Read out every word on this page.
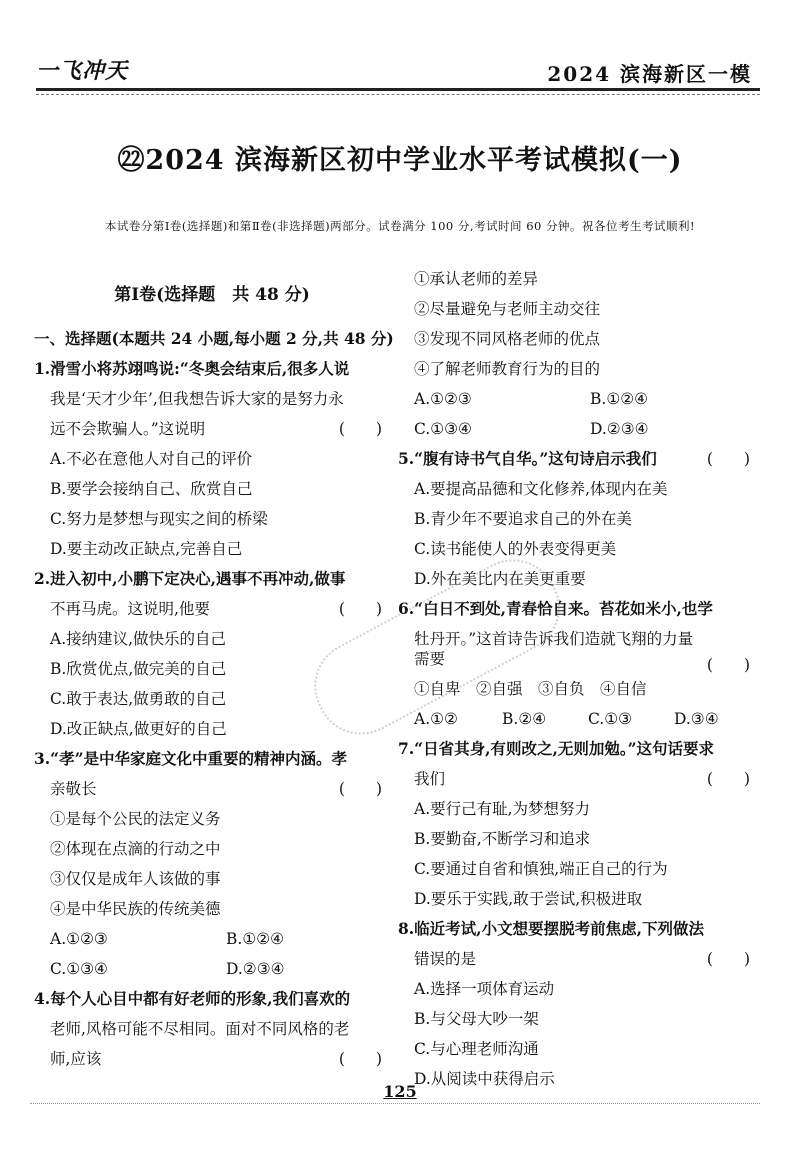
一飞冲天	2024 滨海新区一模
㉒2024 滨海新区初中学业水平考试模拟(一)
本试卷分第Ⅰ卷(选择题)和第Ⅱ卷(非选择题)两部分。试卷满分 100 分,考试时间 60 分钟。祝各位考生考试顺利!
第Ⅰ卷(选择题　共 48 分)
一、选择题(本题共 24 小题,每小题 2 分,共 48 分)
1.滑雪小将苏翊鸣说:“冬奥会结束后,很多人说
我是‘天才少年’,但我想告诉大家的是努力永
远不会欺骗人。”这说明	(　　)
A.不必在意他人对自己的评价
B.要学会接纳自己、欣赏自己
C.努力是梦想与现实之间的桥梁
D.要主动改正缺点,完善自己
2.进入初中,小鹏下定决心,遇事不再冲动,做事
不再马虎。这说明,他要	(　　)
A.接纳建议,做快乐的自己
B.欣赏优点,做完美的自己
C.敢于表达,做勇敢的自己
D.改正缺点,做更好的自己
3.“孝”是中华家庭文化中重要的精神内涵。孝
亲敬长	(　　)
①是每个公民的法定义务
②体现在点滴的行动之中
③仅仅是成年人该做的事
④是中华民族的传统美德
A.①②③	B.①②④
C.①③④	D.②③④
4.每个人心目中都有好老师的形象,我们喜欢的
老师,风格可能不尽相同。面对不同风格的老
师,应该	(　　)
①承认老师的差异
②尽量避免与老师主动交往
③发现不同风格老师的优点
④了解老师教育行为的目的
A.①②③	B.①②④
C.①③④	D.②③④
5.“腹有诗书气自华。”这句诗启示我们	(　　)
A.要提高品德和文化修养,体现内在美
B.青少年不要追求自己的外在美
C.读书能使人的外表变得更美
D.外在美比内在美更重要
6.“白日不到处,青春恰自来。苔花如米小,也学
牡丹开。”这首诗告诉我们造就飞翔的力量
需要	(　　)
①自卑　②自强　③自负　④自信
A.①②	B.②④	C.①③	D.③④
7.“日省其身,有则改之,无则加勉。”这句话要求
我们	(　　)
A.要行己有耻,为梦想努力
B.要勤奋,不断学习和追求
C.要通过自省和慎独,端正自己的行为
D.要乐于实践,敢于尝试,积极进取
8.临近考试,小文想要摆脱考前焦虑,下列做法
错误的是	(　　)
A.选择一项体育运动
B.与父母大吵一架
C.与心理老师沟通
D.从阅读中获得启示
125
